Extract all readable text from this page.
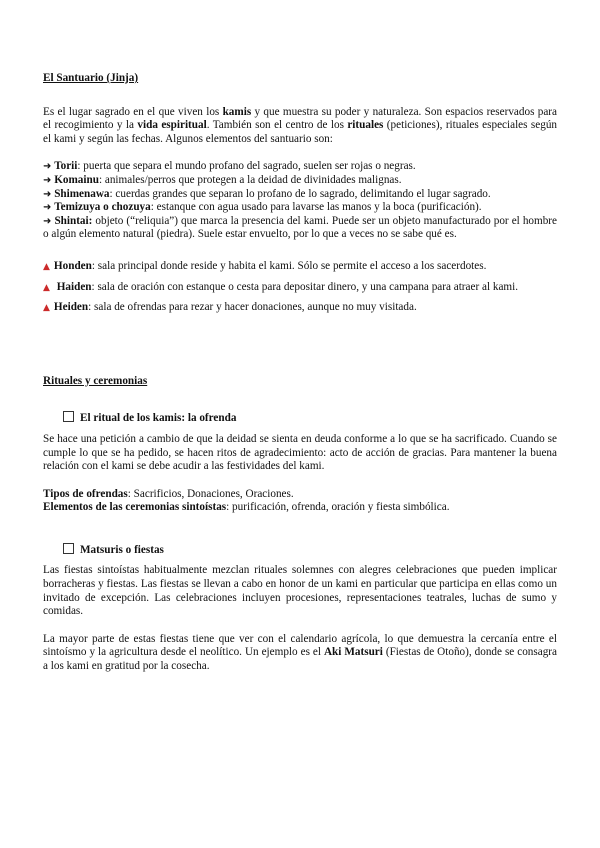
El Santuario (Jinja)

Es el lugar sagrado en el que viven los kamis y que muestra su poder y naturaleza. Son espacios reservados para el recogimiento y la vida espiritual. También son el centro de los rituales (peticiones), rituales especiales según el kami y según las fechas. Algunos elementos del santuario son:

➜ Torii: puerta que separa el mundo profano del sagrado, suelen ser rojas o negras.

➜ Komainu: animales/perros que protegen a la deidad de divinidades malignas.

➜ Shimenawa: cuerdas grandes que separan lo profano de lo sagrado, delimitando el lugar sagrado.

➜ Temizuya o chozuya: estanque con agua usado para lavarse las manos y la boca (purificación).

➜ Shintai: objeto (“reliquia”) que marca la presencia del kami. Puede ser un objeto manufacturado por el hombre o algún elemento natural (piedra). Suele estar envuelto, por lo que a veces no se sabe qué es.

▲ Honden: sala principal donde reside y habita el kami. Sólo se permite el acceso a los sacerdotes.

▲ Haiden: sala de oración con estanque o cesta para depositar dinero, y una campana para atraer al kami.

▲ Heiden: sala de ofrendas para rezar y hacer donaciones, aunque no muy visitada.

Rituales y ceremonias

El ritual de los kamis: la ofrenda

Se hace una petición a cambio de que la deidad se sienta en deuda conforme a lo que se ha sacrificado. Cuando se cumple lo que se ha pedido, se hacen ritos de agradecimiento: acto de acción de gracias. Para mantener la buena relación con el kami se debe acudir a las festividades del kami.

Tipos de ofrendas: Sacrificios, Donaciones, Oraciones.

Elementos de las ceremonias sintoístas: purificación, ofrenda, oración y fiesta simbólica.

Matsuris o fiestas

Las fiestas sintoístas habitualmente mezclan rituales solemnes con alegres celebraciones que pueden implicar borracheras y fiestas. Las fiestas se llevan a cabo en honor de un kami en particular que participa en ellas como un invitado de excepción. Las celebraciones incluyen procesiones, representaciones teatrales, luchas de sumo y comidas.

La mayor parte de estas fiestas tiene que ver con el calendario agrícola, lo que demuestra la cercanía entre el sintoísmo y la agricultura desde el neolítico. Un ejemplo es el Aki Matsuri (Fiestas de Otoño), donde se consagra a los kami en gratitud por la cosecha.
